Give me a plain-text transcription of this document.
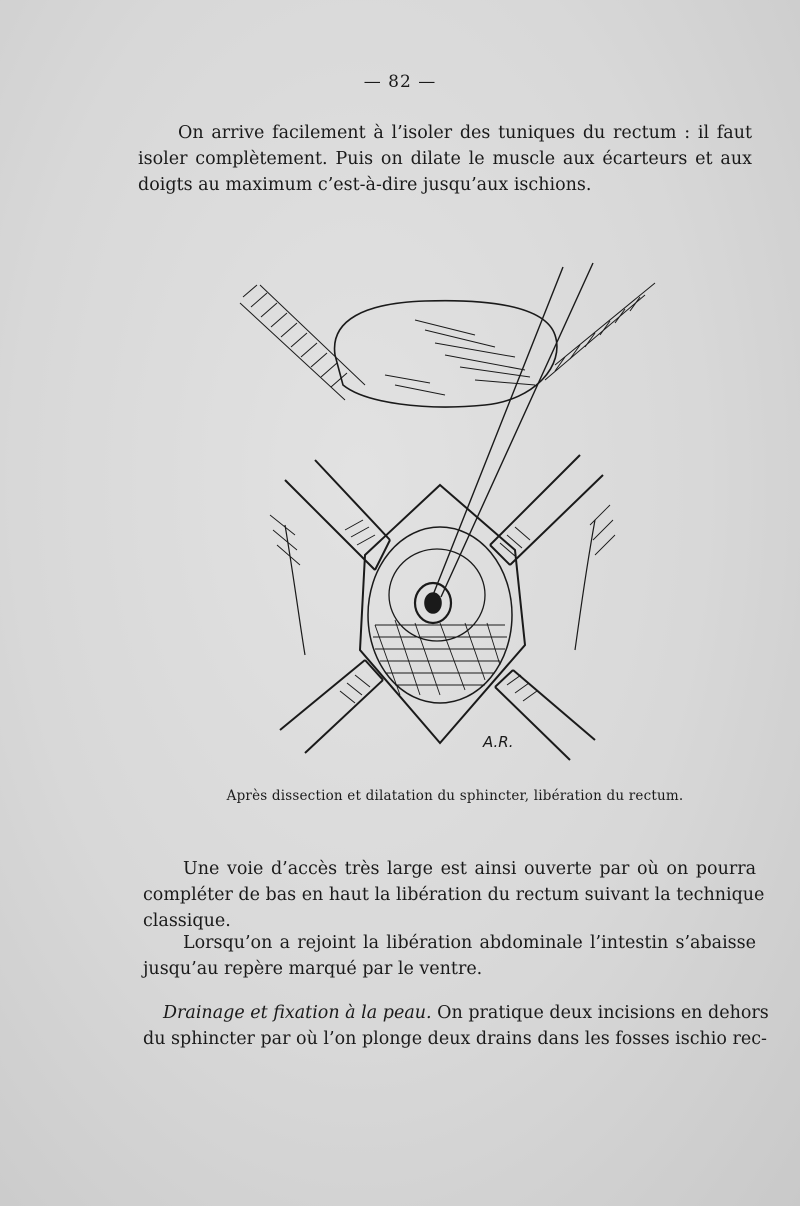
— 82 —
On arrive facilement à l’isoler des tuniques du rectum : il faut
isoler complètement. Puis on dilate le muscle aux écarteurs et aux
doigts au maximum c’est-à-dire jusqu’aux ischions.
A.R.
Après dissection et dilatation du sphincter, libération du rectum.
Une voie d’accès très large est ainsi ouverte par où on pourra
compléter de bas en haut la libération du rectum suivant la technique
classique.
Lorsqu’on a rejoint la libération abdominale l’intestin s’abaisse
jusqu’au repère marqué par le ventre.
Drainage et fixation à la peau. On pratique deux incisions en dehors
du sphincter par où l’on plonge deux drains dans les fosses ischio rec-
